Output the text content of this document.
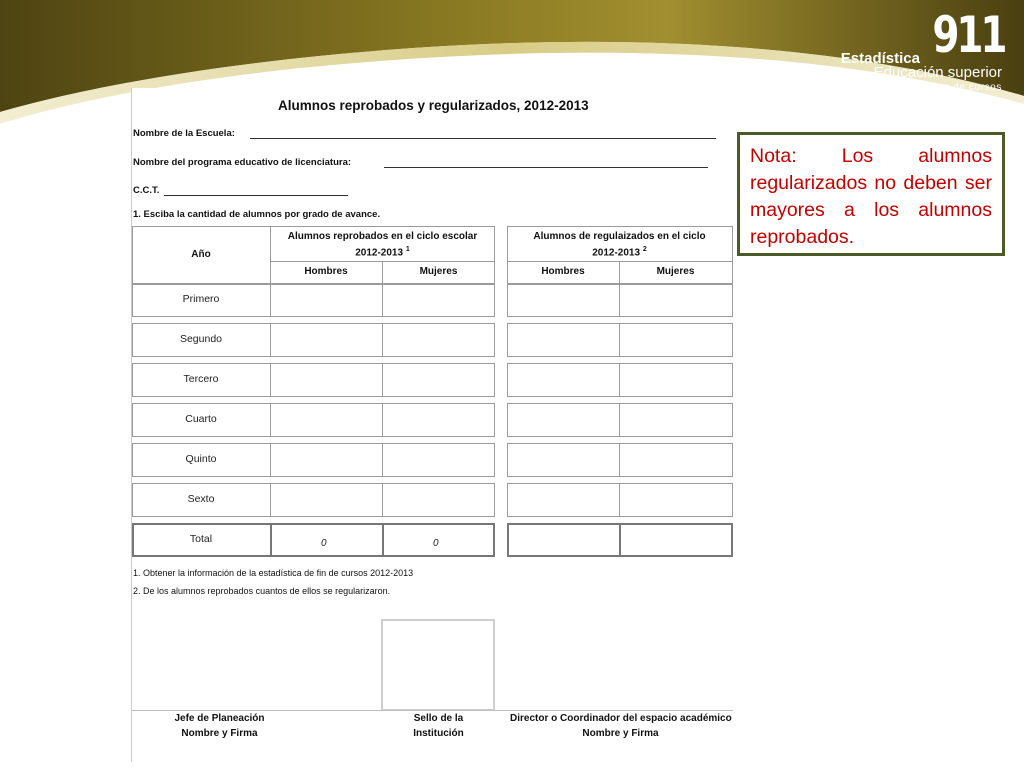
911
Estadística
Educación superior
2013-2014 inicio de cursos
Alumnos reprobados y regularizados, 2012-2013
Nombre de la Escuela:
Nombre del programa educativo de licenciatura:
C.C.T.
1. Esciba la cantidad de alumnos por grado de avance.
Año
Alumnos reprobados en el ciclo escolar
2012-2013 $^1$
Hombres	Mujeres
Alumnos de regulaizados en el ciclo
2012-2013 $^2$
Hombres	Mujeres
Primero
Segundo
Tercero
Cuarto
Quinto
Sexto
Total	0	0
1. Obtener la información de la estadística de fin de cursos 2012-2013
2. De los alumnos reprobados cuantos de ellos se regularizaron.
Jefe de Planeación
Nombre y Firma
Sello de la
Institución
Director o Coordinador del espacio académico
Nombre y Firma

Nota: Los alumnos regularizados no deben ser mayores a los alumnos reprobados.
